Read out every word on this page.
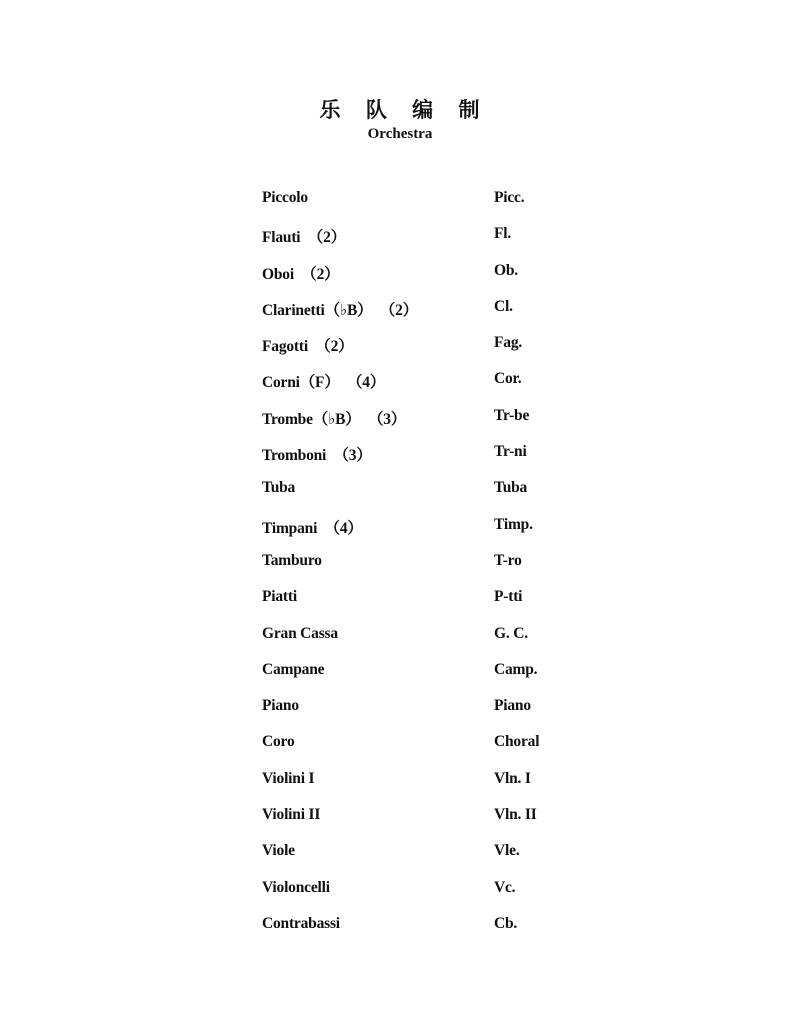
乐 队 编 制
Orchestra
Piccolo	Picc.
Flauti  （2）	Fl.
Oboi  （2）	Ob.
Clarinetti（♭B）  （2）	Cl.
Fagotti  （2）	Fag.
Corni（F）  （4）	Cor.
Trombe（♭B）  （3）	Tr-be
Tromboni  （3）	Tr-ni
Tuba	Tuba
Timpani  （4）	Timp.
Tamburo	T-ro
Piatti	P-tti
Gran Cassa	G. C.
Campane	Camp.
Piano	Piano
Coro	Choral
Violini I	Vln. I
Violini II	Vln. II
Viole	Vle.
Violoncelli	Vc.
Contrabassi	Cb.
